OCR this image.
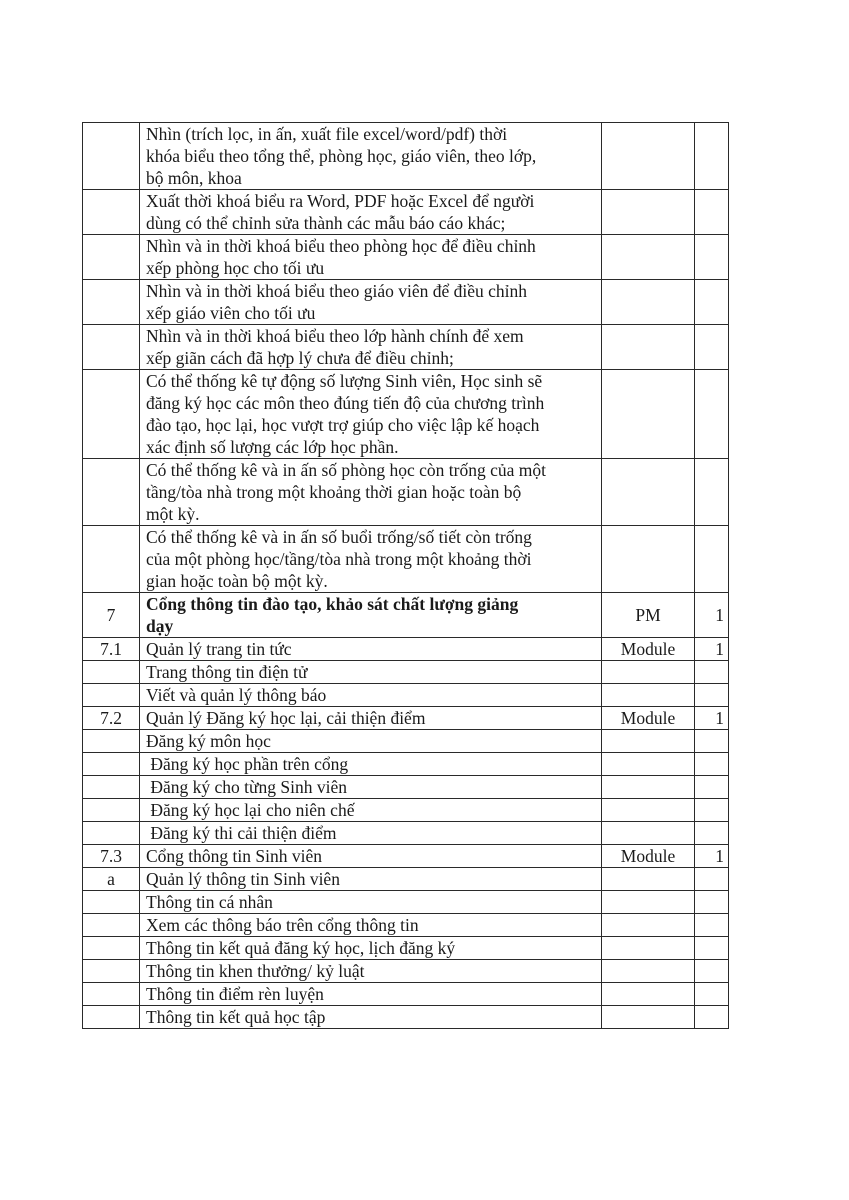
	Nhìn (trích lọc, in ấn, xuất file excel/word/pdf) thời
khóa biểu theo tổng thể, phòng học, giáo viên, theo lớp,
bộ môn, khoa		

	Xuất thời khoá biểu ra Word, PDF hoặc Excel để người
dùng có thể chỉnh sửa thành các mẫu báo cáo khác;		

	Nhìn và in thời khoá biểu theo phòng học để điều chỉnh
xếp phòng học cho tối ưu		

	Nhìn và in thời khoá biểu theo giáo viên để điều chỉnh
xếp giáo viên cho tối ưu		

	Nhìn và in thời khoá biểu theo lớp hành chính để xem
xếp giãn cách đã hợp lý chưa để điều chỉnh;		

	Có thể thống kê tự động số lượng Sinh viên, Học sinh sẽ
đăng ký học các môn theo đúng tiến độ của chương trình
đào tạo, học lại, học vượt trợ giúp cho việc lập kế hoạch
xác định số lượng các lớp học phần.		

	Có thể thống kê và in ấn số phòng học còn trống của một
tầng/tòa nhà trong một khoảng thời gian hoặc toàn bộ
một kỳ.		

	Có thể thống kê và in ấn số buổi trống/số tiết còn trống
của một phòng học/tầng/tòa nhà trong một khoảng thời
gian hoặc toàn bộ một kỳ.		

7	Cổng thông tin đào tạo, khảo sát chất lượng giảng
dạy	PM	1
7.1	Quản lý trang tin tức	Module	1

	Trang thông tin điện tử		

	Viết và quản lý thông báo		

7.2	Quản lý Đăng ký học lại, cải thiện điểm	Module	1

	Đăng ký môn học		

	Đăng ký học phần trên cổng		

	Đăng ký cho từng Sinh viên		

	Đăng ký học lại cho niên chế		

	Đăng ký thi cải thiện điểm		

7.3	Cổng thông tin Sinh viên	Module	1
a	Quản lý thông tin Sinh viên		

	Thông tin cá nhân		

	Xem các thông báo trên cổng thông tin		

	Thông tin kết quả đăng ký học, lịch đăng ký		

	Thông tin khen thưởng/ kỷ luật		

	Thông tin điểm rèn luyện		

	Thông tin kết quả học tập		
